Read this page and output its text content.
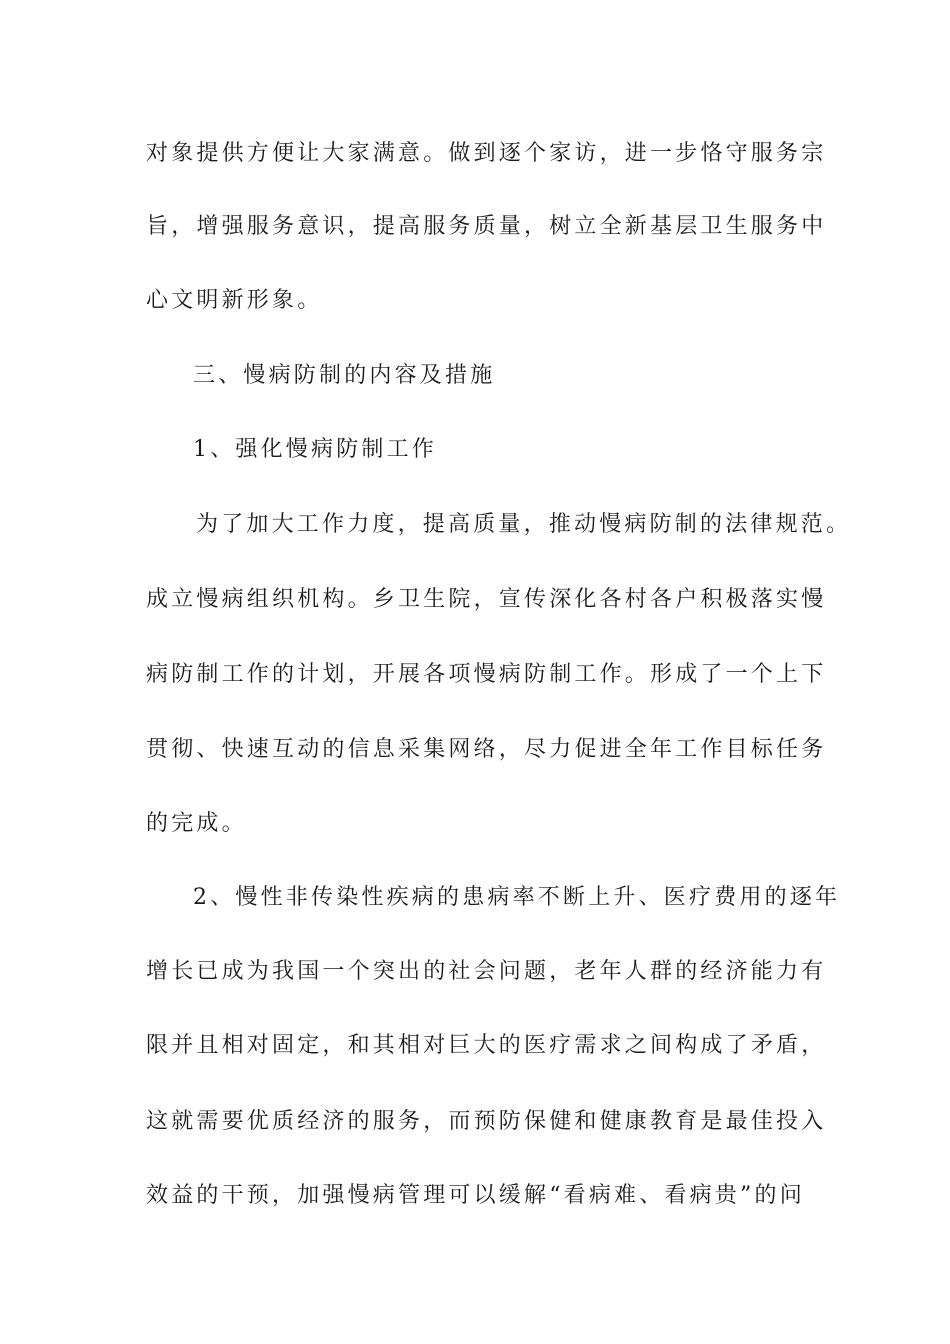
对象提供方便让大家满意。做到逐个家访，进一步恪守服务宗
旨，增强服务意识，提高服务质量，树立全新基层卫生服务中
心文明新形象。
三、慢病防制的内容及措施
1、强化慢病防制工作
为了加大工作力度，提高质量，推动慢病防制的法律规范。
成立慢病组织机构。乡卫生院，宣传深化各村各户积极落实慢
病防制工作的计划，开展各项慢病防制工作。形成了一个上下
贯彻、快速互动的信息采集网络，尽力促进全年工作目标任务
的完成。
2、慢性非传染性疾病的患病率不断上升、医疗费用的逐年
增长已成为我国一个突出的社会问题，老年人群的经济能力有
限并且相对固定，和其相对巨大的医疗需求之间构成了矛盾，
这就需要优质经济的服务，而预防保健和健康教育是最佳投入
效益的干预，加强慢病管理可以缓解“看病难、看病贵”的问
